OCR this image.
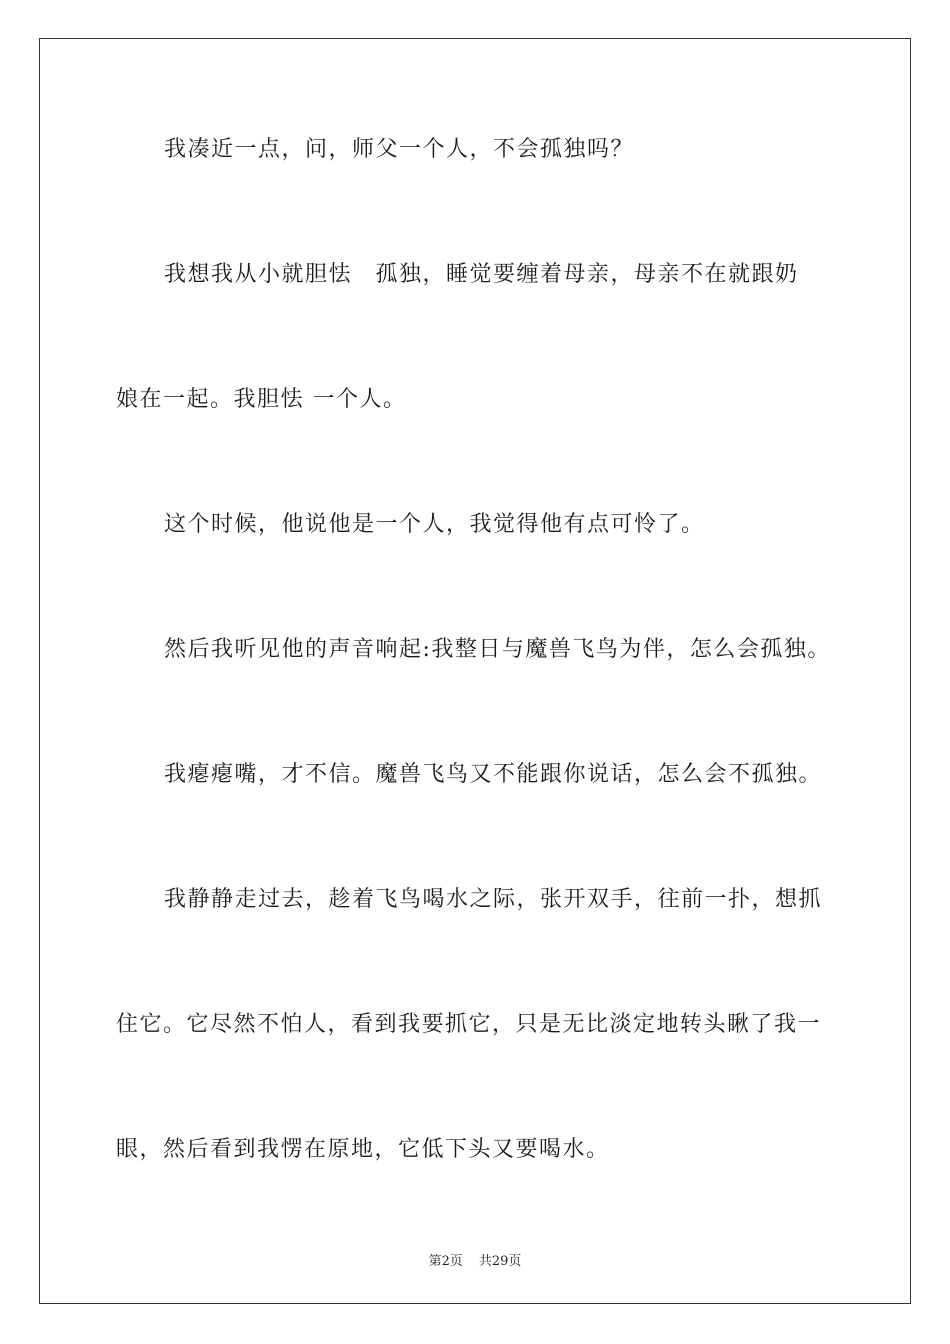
我凑近一点，问，师父一个人，不会孤独吗？

我想我从小就胆怯　孤独，睡觉要缠着母亲，母亲不在就跟奶

娘在一起。我胆怯 一个人。

这个时候，他说他是一个人，我觉得他有点可怜了。

然后我听见他的声音响起:我整日与魔兽飞鸟为伴，怎么会孤独。

我瘪瘪嘴，才不信。魔兽飞鸟又不能跟你说话，怎么会不孤独。

我静静走过去，趁着飞鸟喝水之际，张开双手，往前一扑，想抓

住它。它尽然不怕人，看到我要抓它，只是无比淡定地转头瞅了我一

眼，然后看到我愣在原地，它低下头又要喝水。

第2页 共29页
